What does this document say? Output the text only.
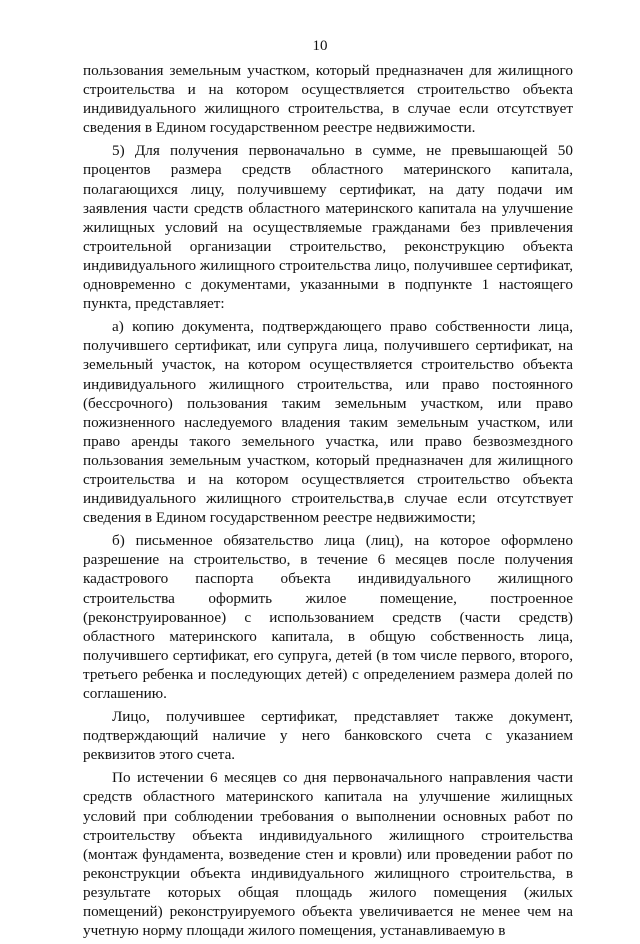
10

пользования земельным участком, который предназначен для жилищного строительства и на котором осуществляется строительство объекта индивидуального жилищного строительства, в случае если отсутствует сведения в Едином государственном реестре недвижимости.

5) Для получения первоначально в сумме, не превышающей 50 процентов размера средств областного материнского капитала, полагающихся лицу, получившему сертификат, на дату подачи им заявления части средств областного материнского капитала на улучшение жилищных условий на осуществляемые гражданами без привлечения строительной организации строительство, реконструкцию объекта индивидуального жилищного строительства лицо, получившее сертификат, одновременно с документами, указанными в подпункте 1 настоящего пункта, представляет:

а) копию документа, подтверждающего право собственности лица, получившего сертификат, или супруга лица, получившего сертификат, на земельный участок, на котором осуществляется строительство объекта индивидуального жилищного строительства, или право постоянного (бессрочного) пользования таким земельным участком, или право пожизненного наследуемого владения таким земельным участком, или право аренды такого земельного участка, или право безвозмездного пользования земельным участком, который предназначен для жилищного строительства и на котором осуществляется строительство объекта индивидуального жилищного строительства,в случае если отсутствует сведения в Едином государственном реестре недвижимости;

б) письменное обязательство лица (лиц), на которое оформлено разрешение на строительство, в течение 6 месяцев после получения кадастрового паспорта объекта индивидуального жилищного строительства оформить жилое помещение, построенное (реконструированное) с использованием средств (части средств) областного материнского капитала, в общую собственность лица, получившего сертификат, его супруга, детей (в том числе первого, второго, третьего ребенка и последующих детей) с определением размера долей по соглашению.

Лицо, получившее сертификат, представляет также документ, подтверждающий наличие у него банковского счета с указанием реквизитов этого счета.

По истечении 6 месяцев со дня первоначального направления части средств областного материнского капитала на улучшение жилищных условий при соблюдении требования о выполнении основных работ по строительству объекта индивидуального жилищного строительства (монтаж фундамента, возведение стен и кровли) или проведении работ по реконструкции объекта индивидуального жилищного строительства, в результате которых общая площадь жилого помещения (жилых помещений) реконструируемого объекта увеличивается не менее чем на учетную норму площади жилого помещения, устанавливаемую в
